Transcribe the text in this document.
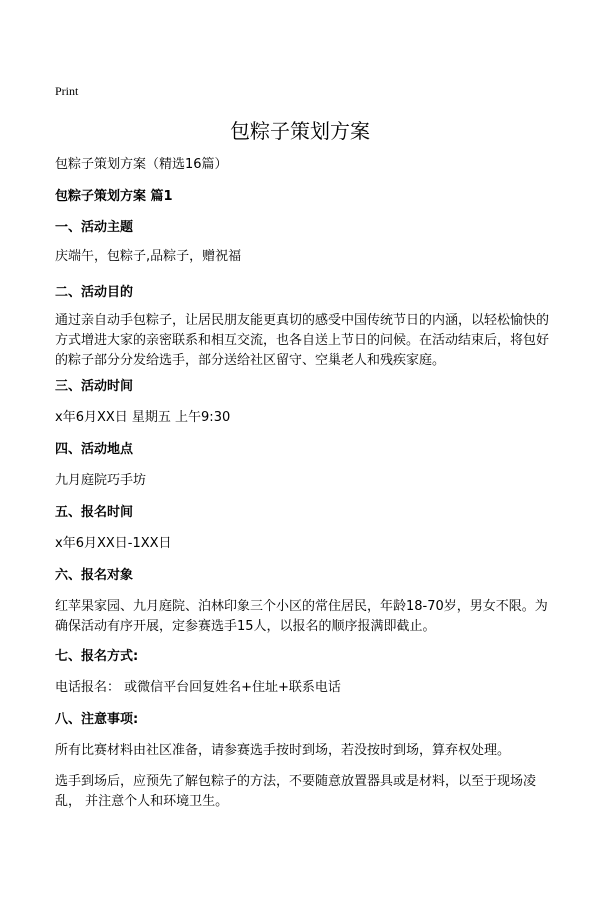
Print
包粽子策划方案

包粽子策划方案（精选16篇）

包粽子策划方案 篇1

一、活动主题

庆端午，包粽子,品粽子，赠祝福

二、活动目的

通过亲自动手包粽子，让居民朋友能更真切的感受中国传统节日的内涵，以轻松愉快的方式增进大家的亲密联系和相互交流，也各自送上节日的问候。在活动结束后，将包好的粽子部分分发给选手，部分送给社区留守、空巢老人和残疾家庭。

三、活动时间

x年6月XX日 星期五 上午9:30

四、活动地点

九月庭院巧手坊

五、报名时间

x年6月XX日-1XX日

六、报名对象

红苹果家园、九月庭院、泊林印象三个小区的常住居民，年龄18-70岁，男女不限。为确保活动有序开展，定参赛选手15人，以报名的顺序报满即截止。

七、报名方式:

电话报名： 或微信平台回复姓名+住址+联系电话

八、注意事项:

所有比赛材料由社区准备，请参赛选手按时到场，若没按时到场，算弃权处理。

选手到场后，应预先了解包粽子的方法，不要随意放置器具或是材料，以至于现场凌乱， 并注意个人和环境卫生。
